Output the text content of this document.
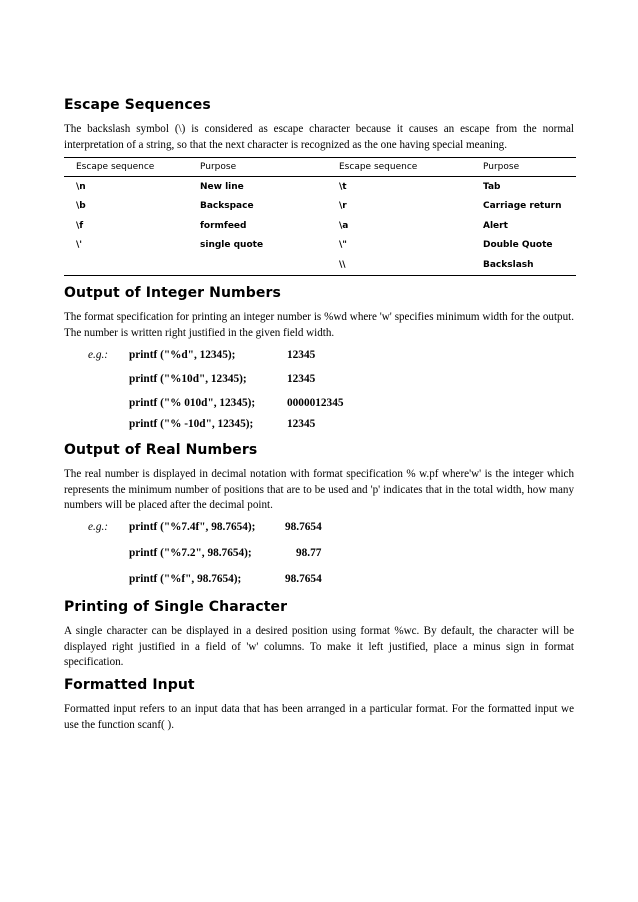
Escape Sequences

The backslash symbol (\) is considered as escape character because it causes an escape from the normal interpretation of a string, so that the next character is recognized as the one having special meaning.

Escape sequence	Purpose	Escape sequence	Purpose
\n	New line	\t	Tab
\b	Backspace	\r	Carriage return
\f	formfeed	\a	Alert
\'	single quote	\"	Double Quote
		\\	Backslash
Output of Integer Numbers

The format specification for printing an integer number is %wd where 'w' specifies minimum width for the output. The number is written right justified in the given field width.

e.g.: printf ("%d", 12345);	12345
printf ("%10d", 12345);	12345
printf ("% 010d", 12345);	0000012345
printf ("% -10d", 12345);	12345
Output of Real Numbers

The real number is displayed in decimal notation with format specification % w.pf where'w' is the integer which represents the minimum number of positions that are to be used and 'p' indicates that in the total width, how many numbers will be placed after the decimal point.

e.g.: printf ("%7.4f", 98.7654);	98.7654
printf ("%7.2", 98.7654);	98.77
printf ("%f", 98.7654);	98.7654
Printing of Single Character

A single character can be displayed in a desired position using format %wc. By default, the character will be displayed right justified in a field of 'w' columns. To make it left justified, place a minus sign in format specification.

Formatted Input

Formatted input refers to an input data that has been arranged in a particular format. For the formatted input we use the function scanf( ).
